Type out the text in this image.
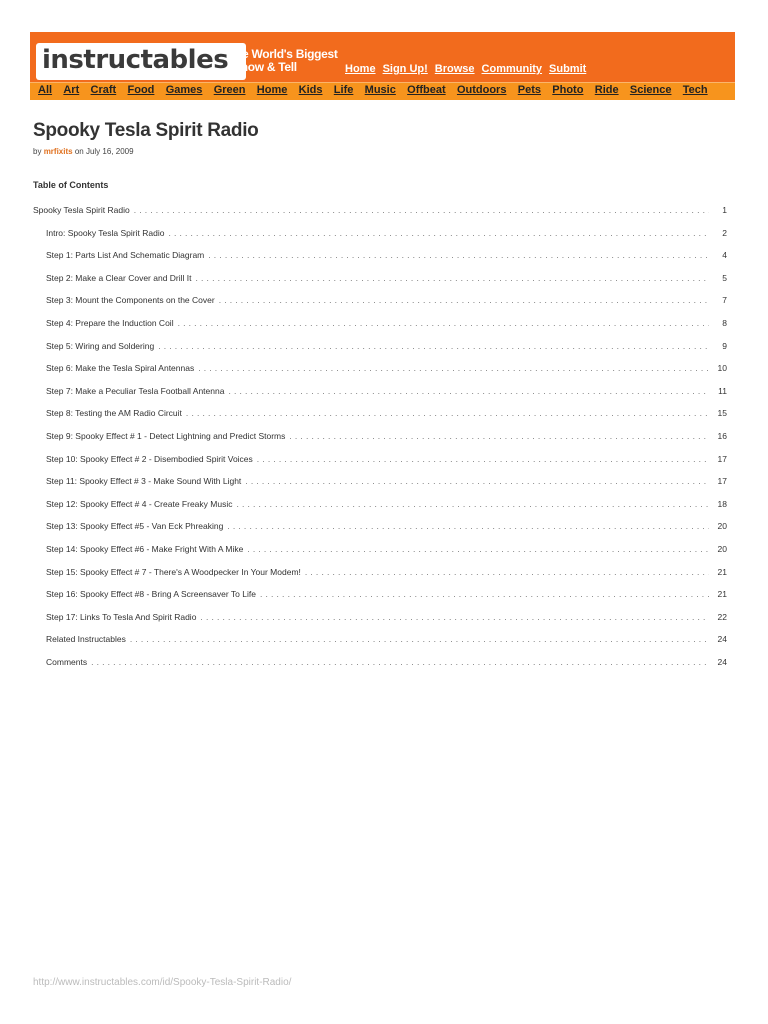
instructables The World's Biggest
Show & Tell	Home Sign Up! Browse Community Submit
All Art Craft Food Games Green Home Kids Life Music Offbeat Outdoors Pets Photo Ride Science Tech
Spooky Tesla Spirit Radio
by mrfixits on July 16, 2009
Table of Contents
Spooky Tesla Spirit Radio . . .	1
Intro: Spooky Tesla Spirit Radio . . .	2
Step 1: Parts List And Schematic Diagram . . .	4
Step 2: Make a Clear Cover and Drill It . . .	5
Step 3: Mount the Components on the Cover . . .	7
Step 4: Prepare the Induction Coil . . .	8
Step 5: Wiring and Soldering . . .	9
Step 6: Make the Tesla Spiral Antennas . . .	10
Step 7: Make a Peculiar Tesla Football Antenna . . .	11
Step 8: Testing the AM Radio Circuit . . .	15
Step 9: Spooky Effect # 1 - Detect Lightning and Predict Storms . . .	16
Step 10: Spooky Effect # 2 - Disembodied Spirit Voices . . .	17
Step 11: Spooky Effect # 3 - Make Sound With Light . . .	17
Step 12: Spooky Effect # 4 - Create Freaky Music . . .	18
Step 13: Spooky Effect #5 - Van Eck Phreaking . . .	20
Step 14: Spooky Effect #6 - Make Fright With A Mike . . .	20
Step 15: Spooky Effect # 7 - There's A Woodpecker In Your Modem! . . .	21
Step 16: Spooky Effect #8 - Bring A Screensaver To Life . . .	21
Step 17: Links To Tesla And Spirit Radio . . .	22
Related Instructables . . .	24
Comments . . .	24
http://www.instructables.com/id/Spooky-Tesla-Spirit-Radio/
